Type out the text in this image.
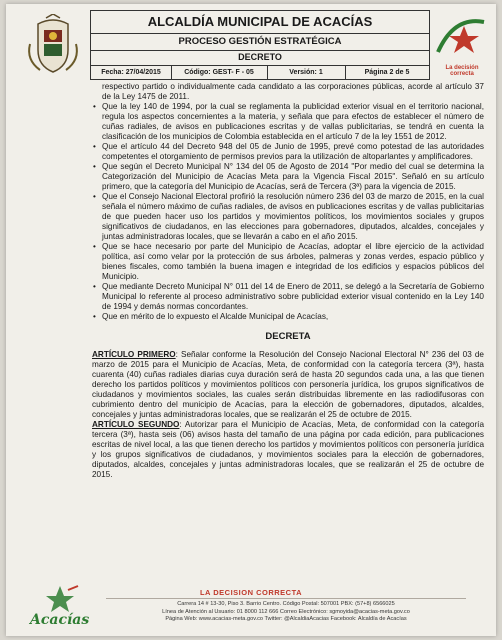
ALCALDÍA MUNICIPAL DE ACACÍAS
PROCESO GESTIÓN ESTRATÉGICA
DECRETO
Fecha: 27/04/2015	Código: GEST- F - 05	Versión: 1	Página 2 de 5
La decisión correcta

respectivo partido o individualmente cada candidato a las corporaciones públicas, acorde al artículo 37 de la Ley 1475 de 2011.

• Que la ley 140 de 1994, por la cual se reglamenta la publicidad exterior visual en el territorio nacional, regula los aspectos concernientes a la materia, y señala que para efectos de establecer el número de cuñas radiales, de avisos en publicaciones escritas y de vallas publicitarias, se tendrá en cuenta la clasificación de los municipios de Colombia establecida en el artículo 7 de la ley 1551 de 2012.
• Que el artículo 44 del Decreto 948 del 05 de Junio de 1995, prevé como potestad de las autoridades competentes el otorgamiento de permisos previos para la utilización de altoparlantes y amplificadores.
• Que según el Decreto Municipal N° 134 del 05 de Agosto de 2014 "Por medio del cual se determina la Categorización del Municipio de Acacías Meta para la Vigencia Fiscal 2015". Señaló en su artículo primero, que la categoría del Municipio de Acacías, será de Tercera (3ª) para la vigencia de 2015.
• Que el Consejo Nacional Electoral profirió la resolución número 236 del 03 de marzo de 2015, en la cual señala el número máximo de cuñas radiales, de avisos en publicaciones escritas y de vallas publicitarias de que pueden hacer uso los partidos y movimientos políticos, los movimientos sociales y grupos significativos de ciudadanos, en las elecciones para gobernadores, diputados, alcaldes, concejales y juntas administradoras locales, que se llevarán a cabo en el año 2015.
• Que se hace necesario por parte del Municipio de Acacías, adoptar el libre ejercicio de la actividad política, así como velar por la protección de sus árboles, palmeras y zonas verdes, espacio público y bienes fiscales, como también la buena imagen e integridad de los edificios y espacios públicos del Municipio.
• Que mediante Decreto Municipal N° 011 del 14 de Enero de 2011, se delegó a la Secretaría de Gobierno Municipal lo referente al proceso administrativo sobre publicidad exterior visual contenido en la Ley 140 de 1994 y demás normas concordantes.
• Que en mérito de lo expuesto el Alcalde Municipal de Acacías,
DECRETA

ARTÍCULO PRIMERO: Señalar conforme la Resolución del Consejo Nacional Electoral N° 236 del 03 de marzo de 2015 para el Municipio de Acacías, Meta, de conformidad con la categoría tercera (3ª), hasta cuarenta (40) cuñas radiales diarias cuya duración será de hasta 20 segundos cada una, a las que tienen derecho los partidos políticos y movimientos políticos con personería jurídica, los grupos significativos de ciudadanos y movimientos sociales, las cuales serán distribuidas libremente en las radiodifusoras con cubrimiento dentro del municipio de Acacías, para la elección de gobernadores, diputados, alcaldes, concejales y juntas administradoras locales, que se realizarán el 25 de octubre de 2015.

ARTÍCULO SEGUNDO: Autorizar para el Municipio de Acacías, Meta, de conformidad con la categoría tercera (3ª), hasta seis (06) avisos hasta del tamaño de una página por cada edición, para publicaciones escritas de nivel local, a las que tienen derecho los partidos y movimientos políticos con personería jurídica y los grupos significativos de ciudadanos, y movimientos sociales para la elección de gobernadores, diputados, alcaldes, concejales y juntas administradoras locales, que se realizarán el 25 de octubre de 2015.

Acacías
LA DECISION CORRECTA
Carrera 14 # 13-30, Piso 3. Barrio Centro. Código Postal: 507001 PBX: (57+8) 6566025
Línea de Atención al Usuario: 01 8000 112 666 Correo Electrónico: sgmoyida@acacias-meta.gov.co
Página Web: www.acacias-meta.gov.co Twitter: @AlcaldiaAcacias Facebook: Alcaldía de Acacías
